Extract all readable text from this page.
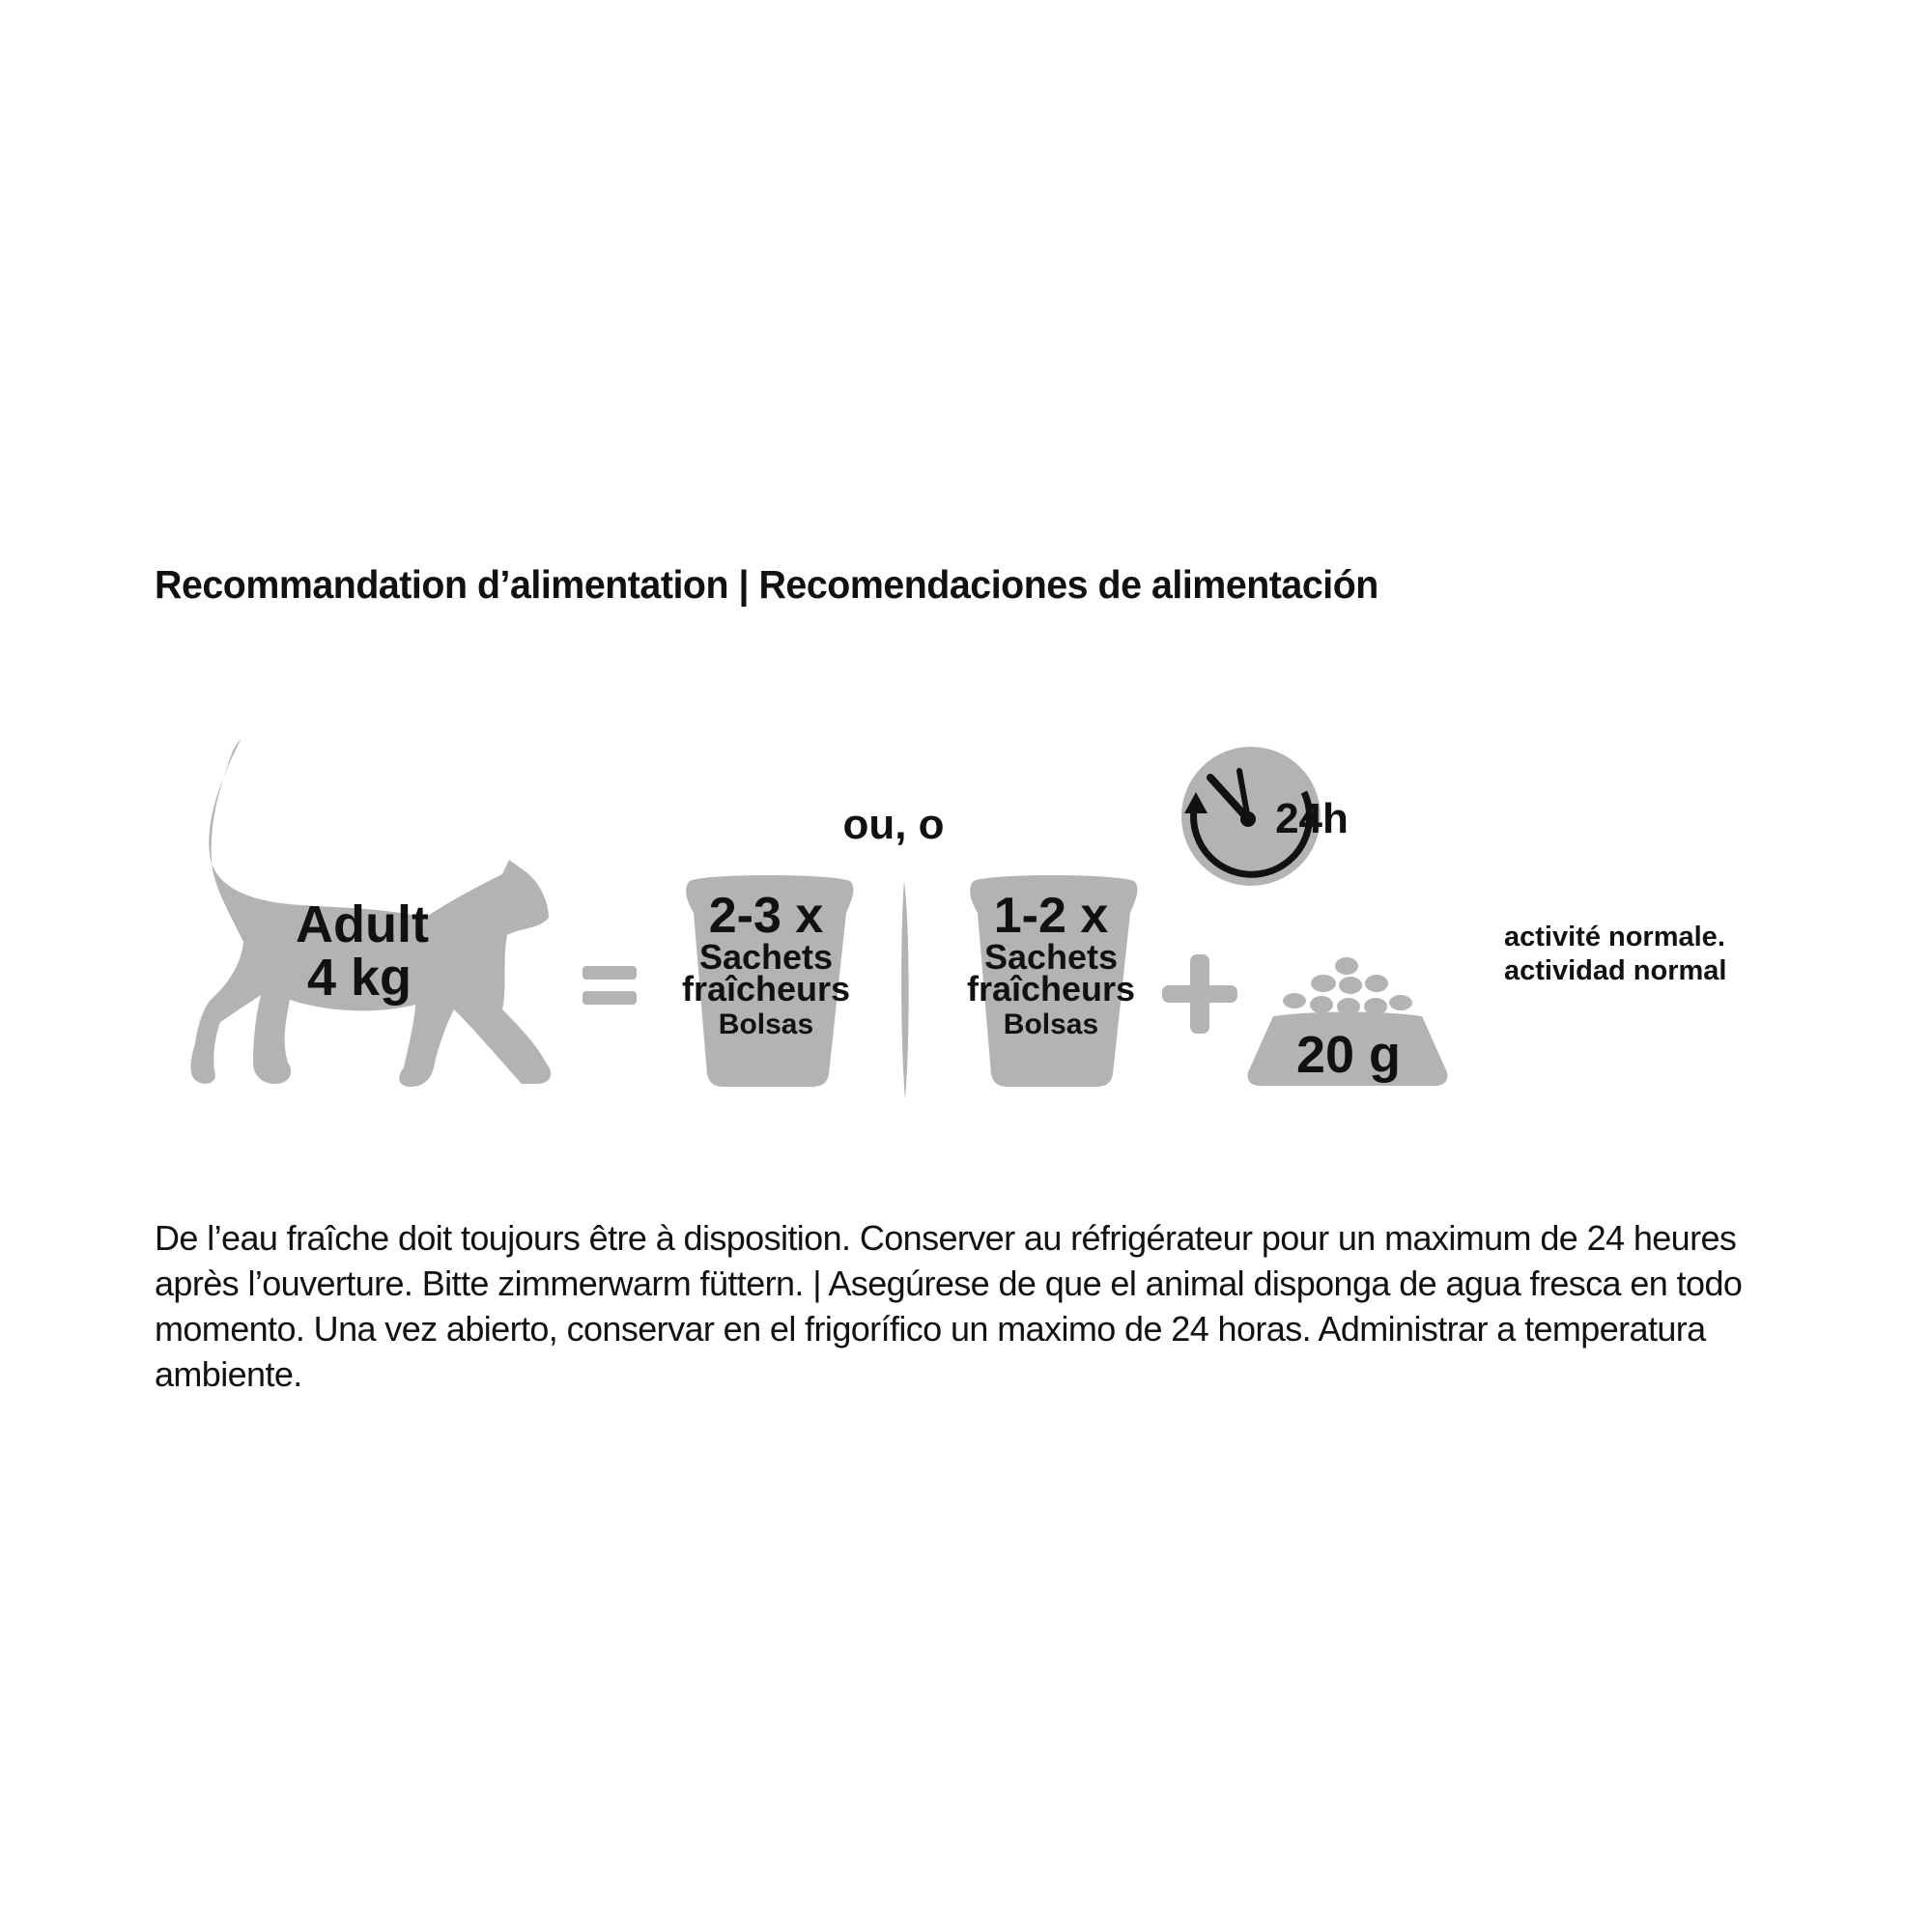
Recommandation d’alimentation | Recomendaciones de alimentación
Adult
4 kg
ou, o
2-3 x
Sachets
fraîcheurs
Bolsas
1-2 x
Sachets
fraîcheurs
Bolsas
24h
20 g
activité normale.
actividad normal
De l’eau fraîche doit toujours être à disposition. Conserver au réfrigérateur pour un maximum de 24 heures après l’ouverture. Bitte zimmerwarm füttern. | Asegúrese de que el animal disponga de agua fresca en todo momento. Una vez abierto, conservar en el frigorífico un maximo de 24 horas. Administrar a temperatura ambiente.
